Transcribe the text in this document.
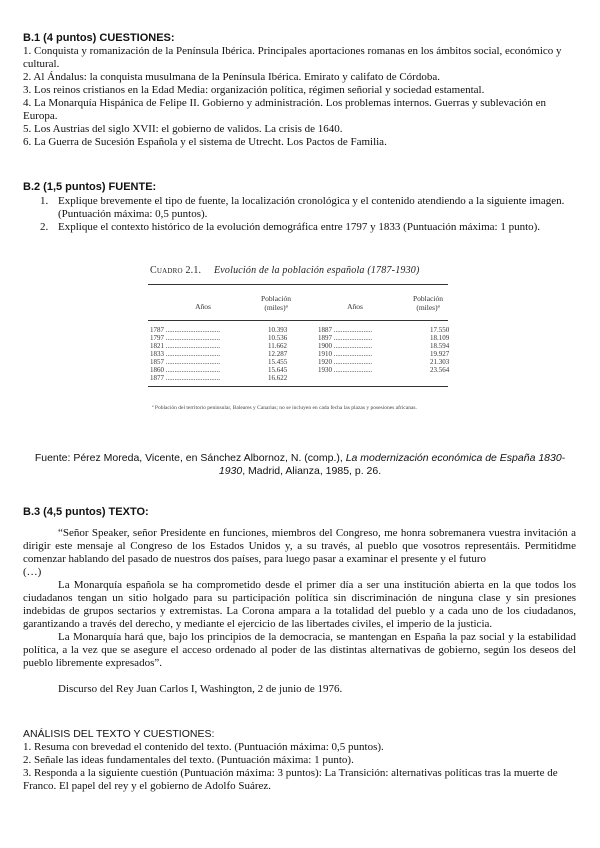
B.1 (4 puntos) CUESTIONES:

1. Conquista y romanización de la Península Ibérica. Principales aportaciones romanas en los ámbitos social, económico y cultural.

2. Al Ándalus: la conquista musulmana de la Península Ibérica. Emirato y califato de Córdoba.

3. Los reinos cristianos en la Edad Media: organización política, régimen señorial y sociedad estamental.

4. La Monarquía Hispánica de Felipe II. Gobierno y administración. Los problemas internos. Guerras y sublevación en Europa.

5. Los Austrias del siglo XVII: el gobierno de validos. La crisis de 1640.

6. La Guerra de Sucesión Española y el sistema de Utrecht. Los Pactos de Familia.

B.2 (1,5 puntos) FUENTE:
1. Explique brevemente el tipo de fuente, la localización cronológica y el contenido atendiendo a la siguiente imagen. (Puntuación máxima: 0,5 puntos).
2. Explique el contexto histórico de la evolución demográfica entre 1797 y 1833 (Puntuación máxima: 1 punto).
Cuadro 2.1. Evolución de la población española (1787-1930)
Años
Población (miles)ª	Años
Población (miles)ª
1787 ...............................	10.393
1797 ...............................	10.536
1821 ...............................	11.662
1833 ...............................	12.287
1857 ...............................	15.455
1860 ...............................	15.645
1877 ...............................	16.622
1887 ......................	17.550
1897 ......................	18.109
1900 ......................	18.594
1910 ......................	19.927
1920 ......................	21.303
1930 ......................	23.564
ª Población del territorio peninsular, Baleares y Canarias; no se incluyen en cada fecha las plazas y posesiones africanas.
Fuente: Pérez Moreda, Vicente, en Sánchez Albornoz, N. (comp.), La modernización económica de España 1830-1930, Madrid, Alianza, 1985, p. 26.
B.3 (4,5 puntos) TEXTO:

“Señor Speaker, señor Presidente en funciones, miembros del Congreso, me honra sobremanera vuestra invitación a dirigir este mensaje al Congreso de los Estados Unidos y, a su través, al pueblo que vosotros representáis. Permitidme comenzar hablando del pasado de nuestros dos países, para luego pasar a examinar el presente y el futuro

(…)

La Monarquía española se ha comprometido desde el primer día a ser una institución abierta en la que todos los ciudadanos tengan un sitio holgado para su participación política sin discriminación de ninguna clase y sin presiones indebidas de grupos sectarios y extremistas. La Corona ampara a la totalidad del pueblo y a cada uno de los ciudadanos, garantizando a través del derecho, y mediante el ejercicio de las libertades civiles, el imperio de la justicia.

La Monarquía hará que, bajo los principios de la democracia, se mantengan en España la paz social y la estabilidad política, a la vez que se asegure el acceso ordenado al poder de las distintas alternativas de gobierno, según los deseos del pueblo libremente expresados”.

Discurso del Rey Juan Carlos I, Washington, 2 de junio de 1976.

ANÁLISIS DEL TEXTO Y CUESTIONES:

1. Resuma con brevedad el contenido del texto. (Puntuación máxima: 0,5 puntos).

2. Señale las ideas fundamentales del texto. (Puntuación máxima: 1 punto).

3. Responda a la siguiente cuestión (Puntuación máxima: 3 puntos): La Transición: alternativas políticas tras la muerte de Franco. El papel del rey y el gobierno de Adolfo Suárez.
